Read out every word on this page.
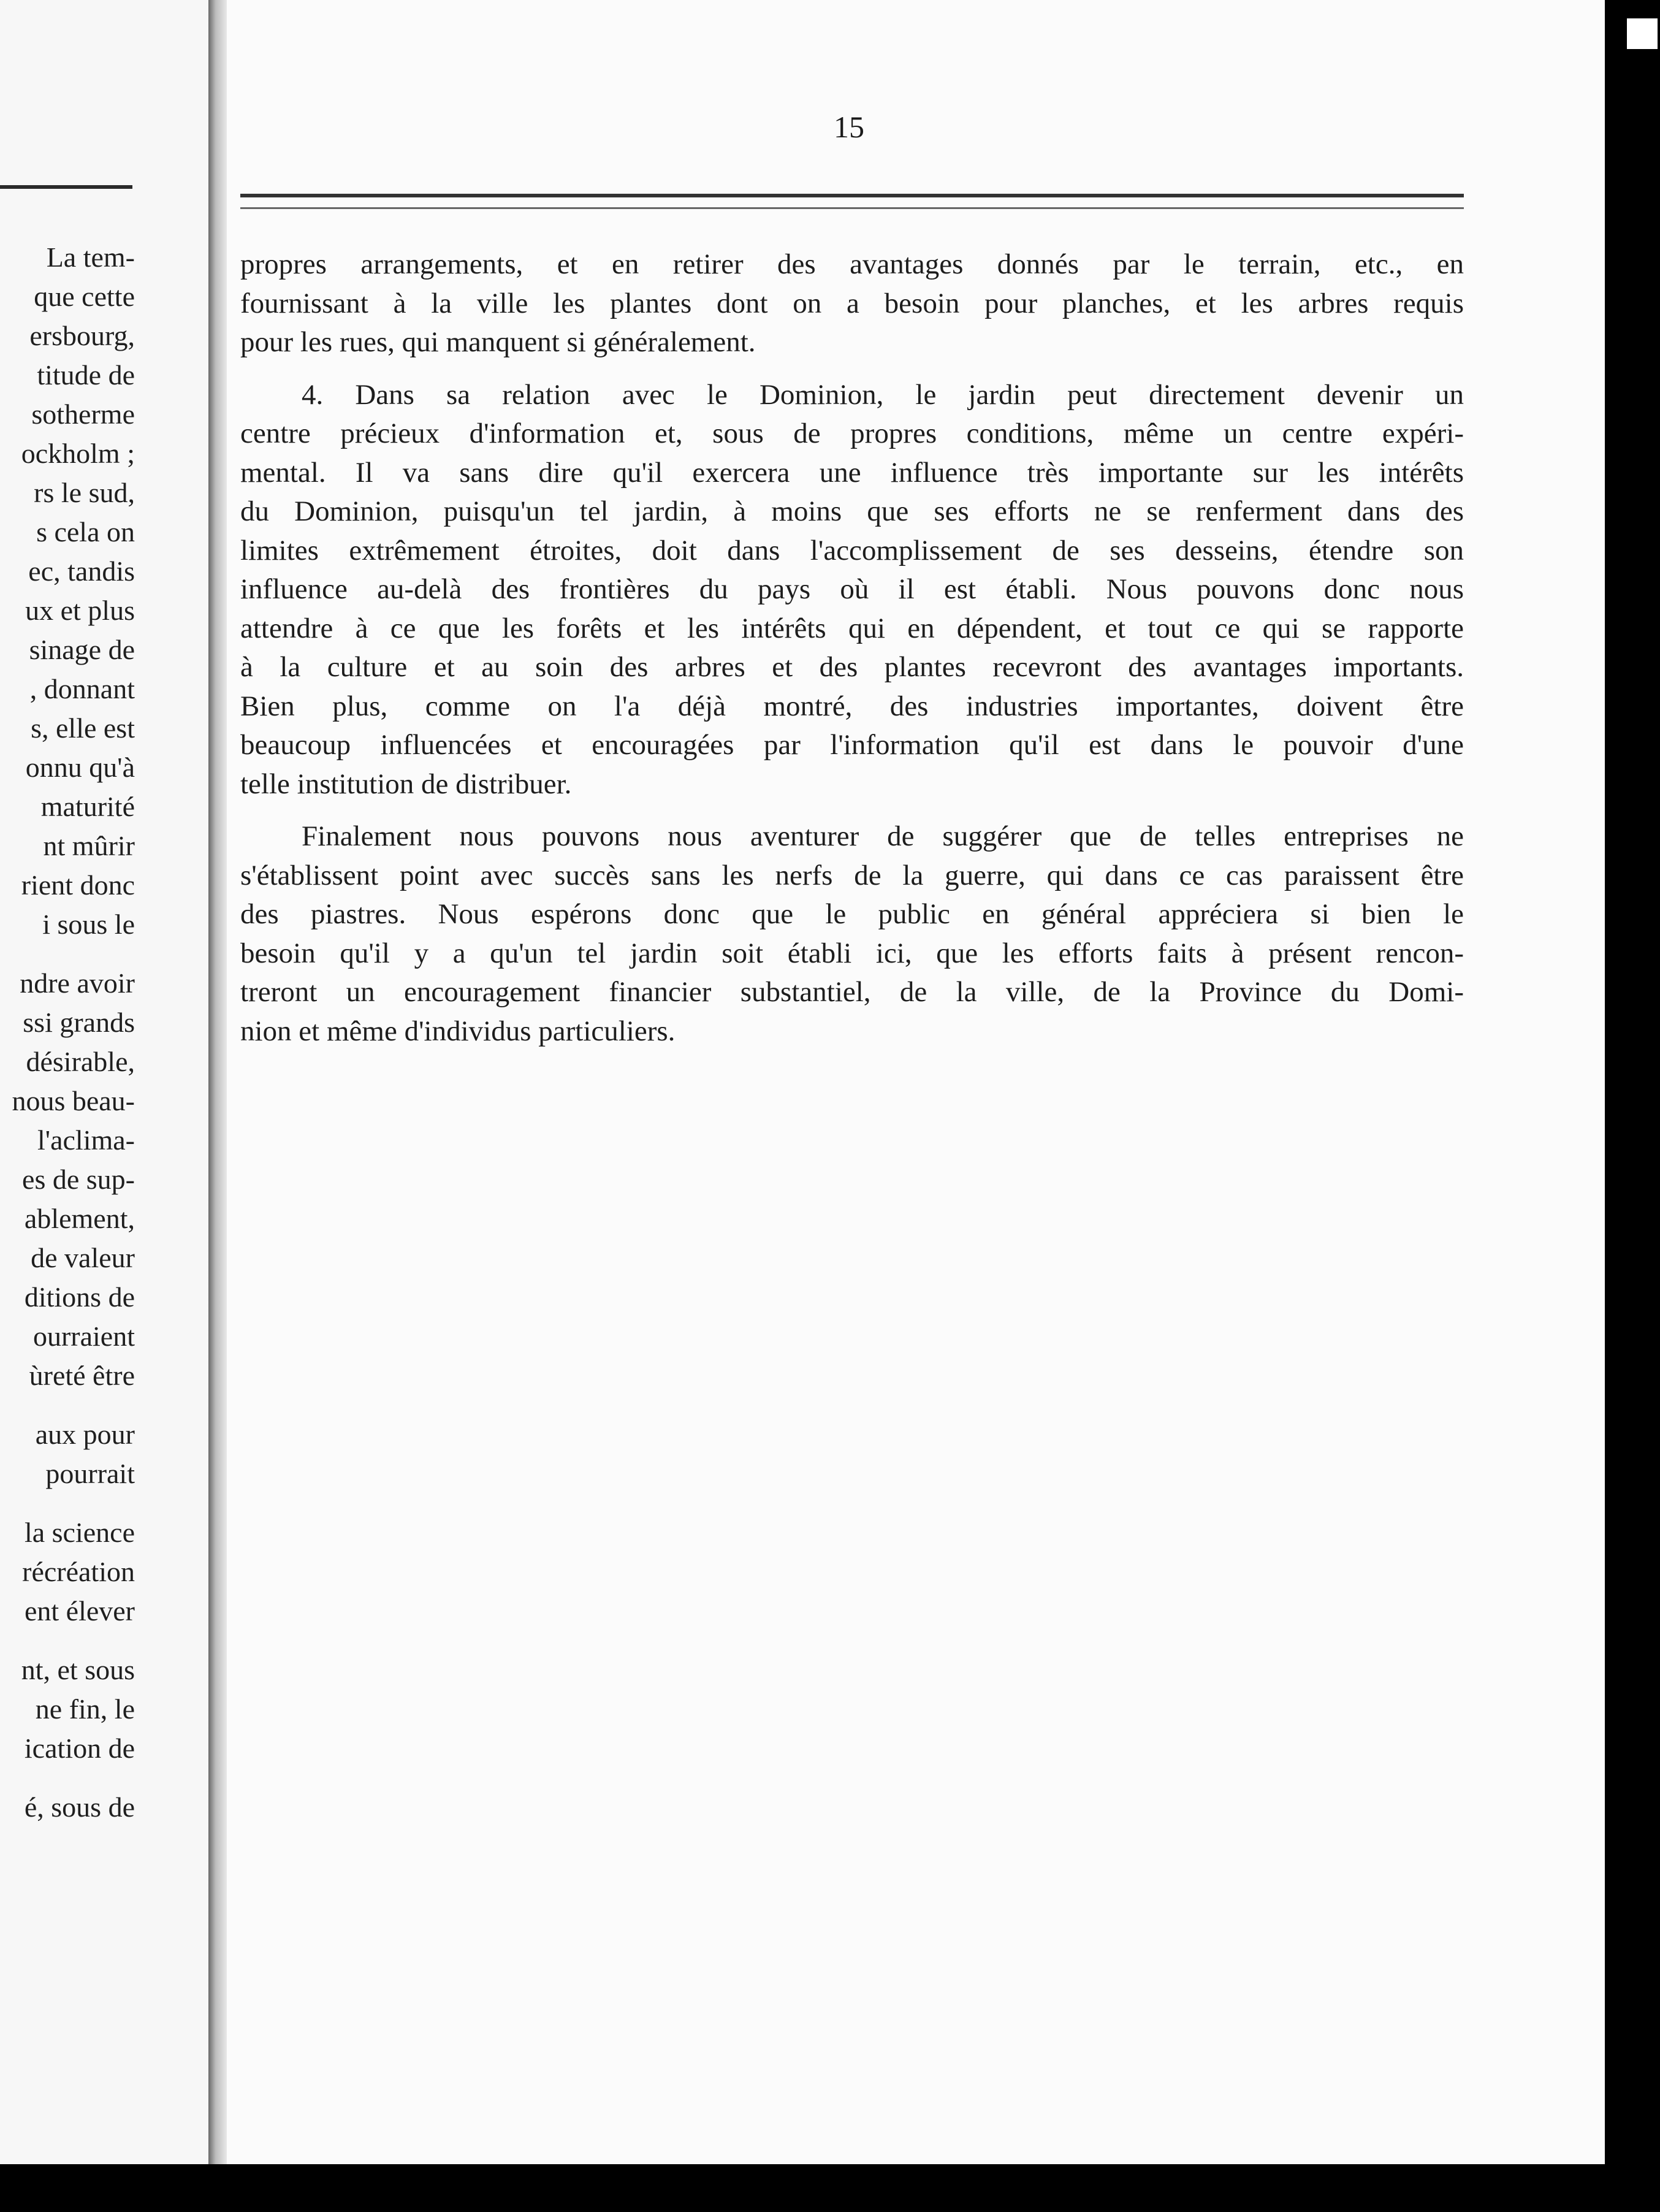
La tem-
que cette
ersbourg,
titude de
sotherme
ockholm ;
rs le sud,
s cela on
ec, tandis
ux et plus
sinage de
, donnant
s, elle est
onnu qu'à
maturité
nt mûrir
rient donc
i sous le
ndre avoir
ssi grands
désirable,
nous beau-
l'aclima-
es de sup-
ablement,
de valeur
ditions de
ourraient
ùreté être
aux pour
pourrait
la science
récréation
ent élever
nt, et sous
ne fin, le
ication de
é, sous de
15
propres arrangements, et en retirer des avantages donnés par le terrain, etc., en
fournissant à la ville les plantes dont on a besoin pour planches, et les arbres requis
pour les rues, qui manquent si généralement.
4. Dans sa relation avec le Dominion, le jardin peut directement devenir un
centre précieux d'information et, sous de propres conditions, même un centre expéri-
mental. Il va sans dire qu'il exercera une influence très importante sur les intérêts
du Dominion, puisqu'un tel jardin, à moins que ses efforts ne se renferment dans des
limites extrêmement étroites, doit dans l'accomplissement de ses desseins, étendre son
influence au-delà des frontières du pays où il est établi. Nous pouvons donc nous
attendre à ce que les forêts et les intérêts qui en dépendent, et tout ce qui se rapporte
à la culture et au soin des arbres et des plantes recevront des avantages importants.
Bien plus, comme on l'a déjà montré, des industries importantes, doivent être
beaucoup influencées et encouragées par l'information qu'il est dans le pouvoir d'une
telle institution de distribuer.
Finalement nous pouvons nous aventurer de suggérer que de telles entreprises ne
s'établissent point avec succès sans les nerfs de la guerre, qui dans ce cas paraissent être
des piastres. Nous espérons donc que le public en général appréciera si bien le
besoin qu'il y a qu'un tel jardin soit établi ici, que les efforts faits à présent rencon-
treront un encouragement financier substantiel, de la ville, de la Province du Domi-
nion et même d'individus particuliers.
